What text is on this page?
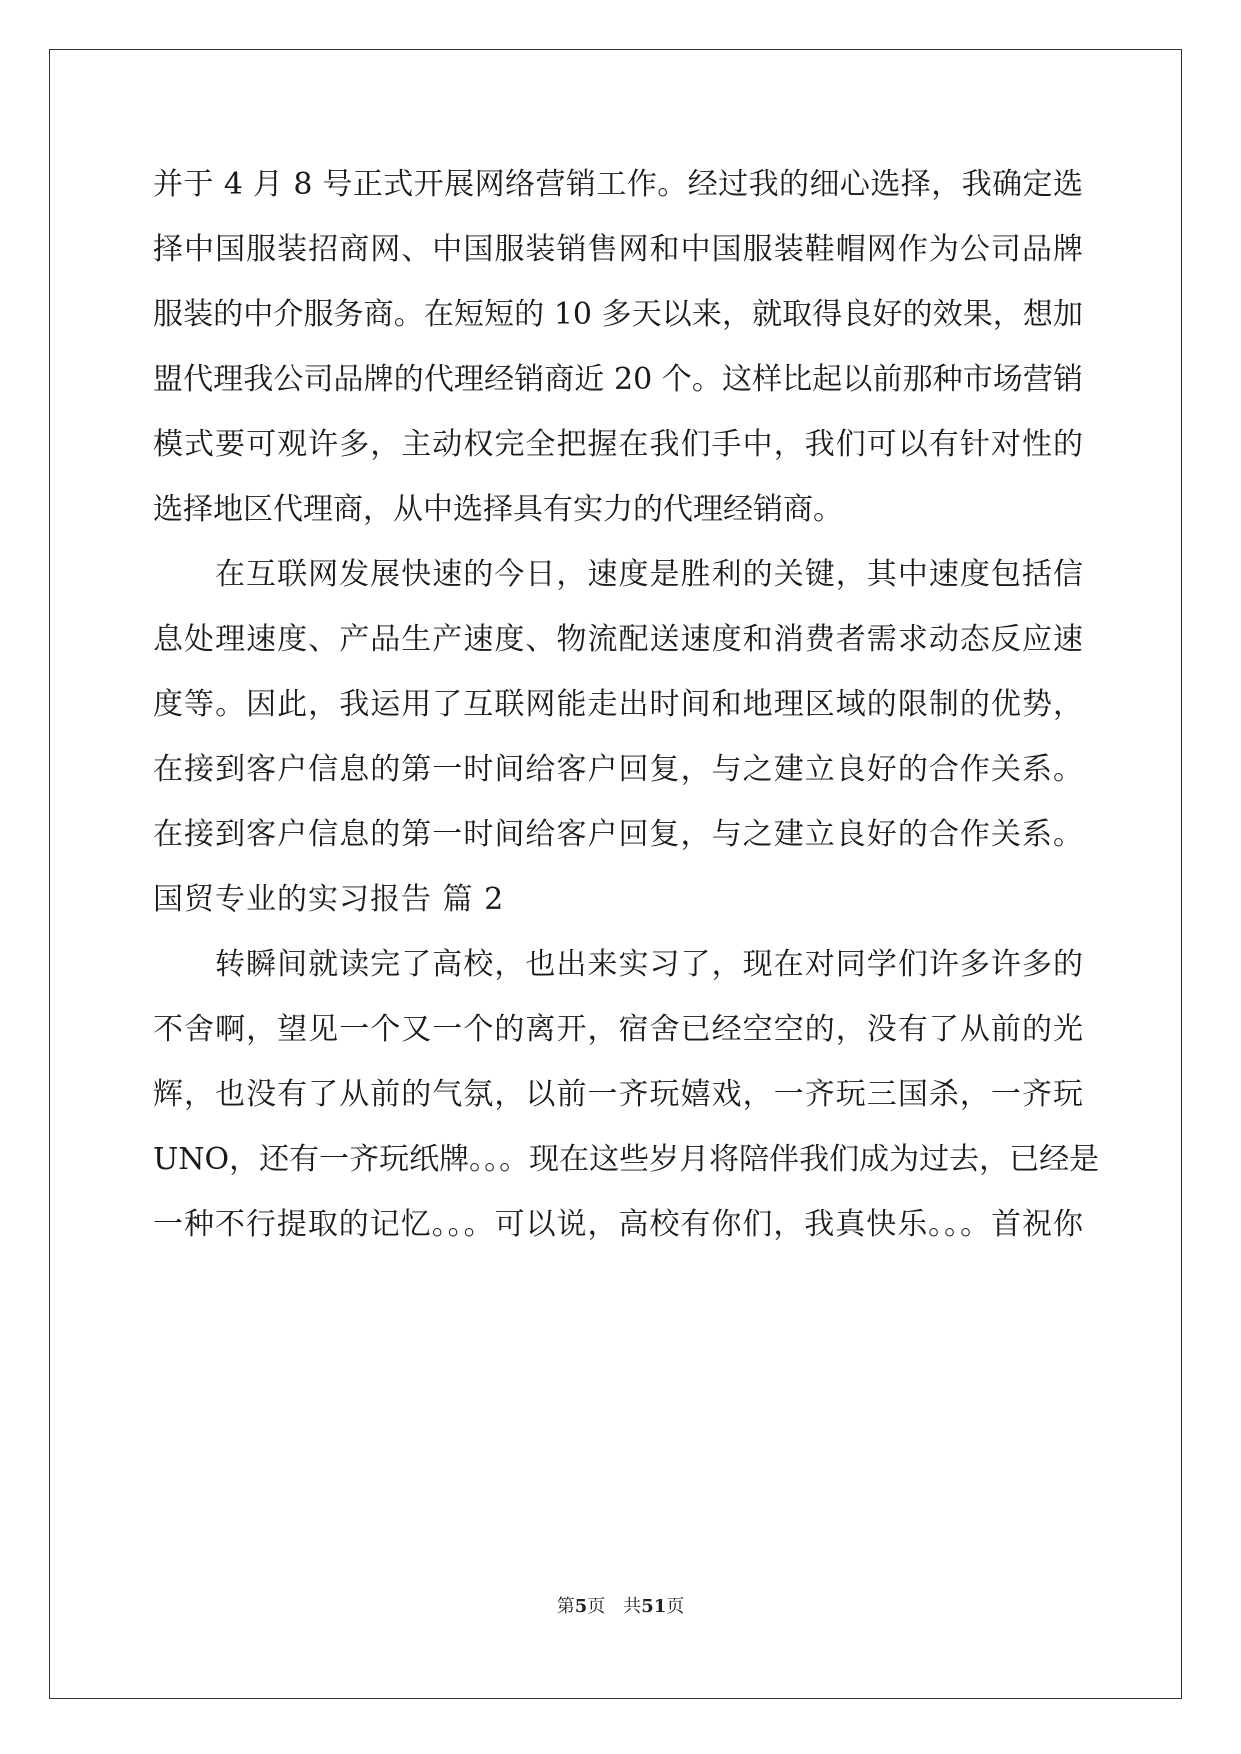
并于 4 月 8 号正式开展网络营销工作。经过我的细心选择，我确定选
择中国服装招商网、中国服装销售网和中国服装鞋帽网作为公司品牌
服装的中介服务商。在短短的 10 多天以来，就取得良好的效果，想加
盟代理我公司品牌的代理经销商近 20 个。这样比起以前那种市场营销
模式要可观许多，主动权完全把握在我们手中，我们可以有针对性的
选择地区代理商，从中选择具有实力的代理经销商。
在互联网发展快速的今日，速度是胜利的关键，其中速度包括信
息处理速度、产品生产速度、物流配送速度和消费者需求动态反应速
度等。因此，我运用了互联网能走出时间和地理区域的限制的优势，
在接到客户信息的第一时间给客户回复，与之建立良好的合作关系。
在接到客户信息的第一时间给客户回复，与之建立良好的合作关系。
国贸专业的实习报告 篇 2
转瞬间就读完了高校，也出来实习了，现在对同学们许多许多的
不舍啊，望见一个又一个的离开，宿舍已经空空的，没有了从前的光
辉，也没有了从前的气氛，以前一齐玩嬉戏，一齐玩三国杀，一齐玩
UNO，还有一齐玩纸牌。。。现在这些岁月将陪伴我们成为过去，已经是
一种不行提取的记忆。。。可以说，高校有你们，我真快乐。。。首祝你
第5页　共51页
